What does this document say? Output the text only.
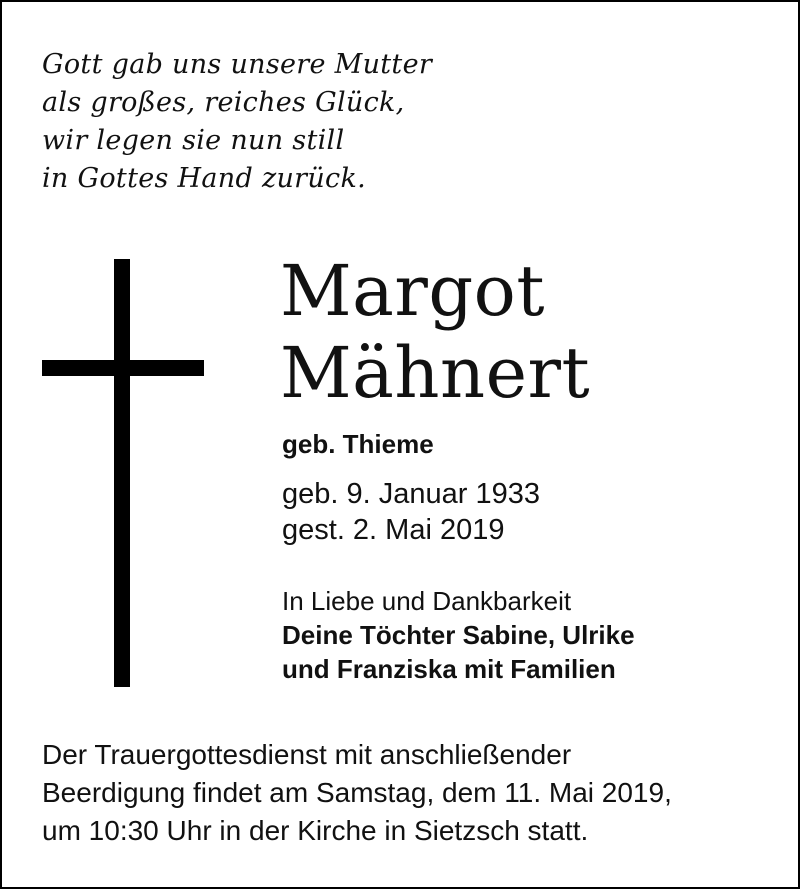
Gott gab uns unsere Mutter
als großes, reiches Glück,
wir legen sie nun still
in Gottes Hand zurück.
Margot
Mähnert
geb. Thieme
geb. 9. Januar 1933
gest. 2. Mai 2019
In Liebe und Dankbarkeit
Deine Töchter Sabine, Ulrike
und Franziska mit Familien
Der Trauergottesdienst mit anschließender
Beerdigung findet am Samstag, dem 11. Mai 2019,
um 10:30 Uhr in der Kirche in Sietzsch statt.
